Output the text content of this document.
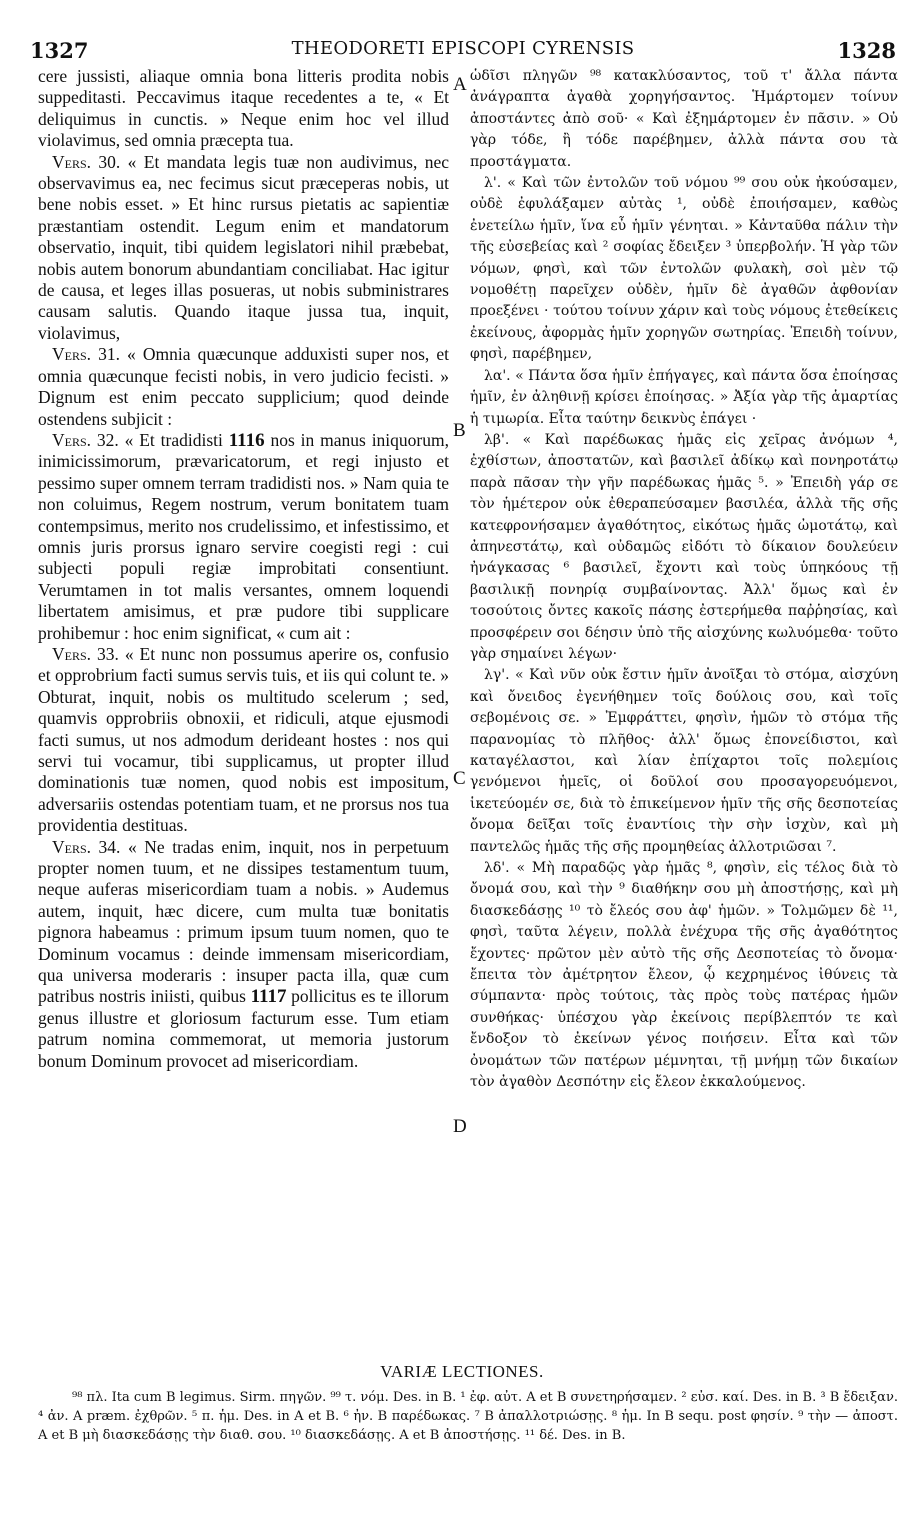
1327	THEODORETI EPISCOPI CYRENSIS	1328

cere jussisti, aliaque omnia bona litteris prodita nobis suppeditasti. Peccavimus itaque recedentes a te, « Et deliquimus in cunctis. » Neque enim hoc vel illud violavimus, sed omnia præcepta tua.

Vers. 30. « Et mandata legis tuæ non audivimus, nec observavimus ea, nec fecimus sicut præceperas nobis, ut bene nobis esset. » Et hinc rursus pietatis ac sapientiæ præstantiam ostendit. Legum enim et mandatorum observatio, inquit, tibi quidem legislatori nihil præbebat, nobis autem bonorum abundantiam conciliabat. Hac igitur de causa, et leges illas posueras, ut nobis subministrares causam salutis. Quando itaque jussa tua, inquit, violavimus,

Vers. 31. « Omnia quæcunque adduxisti super nos, et omnia quæcunque fecisti nobis, in vero judicio fecisti. » Dignum est enim peccato supplicium; quod deinde ostendens subjicit :

Vers. 32. « Et tradidisti 1116 nos in manus iniquorum, inimicissimorum, prævaricatorum, et regi injusto et pessimo super omnem terram tradidisti nos. » Nam quia te non coluimus, Regem nostrum, verum bonitatem tuam contempsimus, merito nos crudelissimo, et infestissimo, et omnis juris prorsus ignaro servire coegisti regi : cui subjecti populi regiæ improbitati consentiunt. Verumtamen in tot malis versantes, omnem loquendi libertatem amisimus, et præ pudore tibi supplicare prohibemur : hoc enim significat, « cum ait :

Vers. 33. « Et nunc non possumus aperire os, confusio et opprobrium facti sumus servis tuis, et iis qui colunt te. » Obturat, inquit, nobis os multitudo scelerum ; sed, quamvis opprobriis obnoxii, et ridiculi, atque ejusmodi facti sumus, ut nos admodum derideant hostes : nos qui servi tui vocamur, tibi supplicamus, ut propter illud dominationis tuæ nomen, quod nobis est impositum, adversariis ostendas potentiam tuam, et ne prorsus nos tua providentia destituas.

Vers. 34. « Ne tradas enim, inquit, nos in perpetuum propter nomen tuum, et ne dissipes testamentum tuum, neque auferas misericordiam tuam a nobis. » Audemus autem, inquit, hæc dicere, cum multa tuæ bonitatis pignora habeamus : primum ipsum tuum nomen, quo te Dominum vocamus : deinde immensam misericordiam, qua universa moderaris : insuper pacta illa, quæ cum patribus nostris iniisti, quibus 1117 pollicitus es te illorum genus illustre et gloriosum facturum esse. Tum etiam patrum nomina commemorat, ut memoria justorum bonum Dominum provocet ad misericordiam.

A
B
C
D

ὡδῖσι πληγῶν ⁹⁸ κατακλύσαντος, τοῦ τ' ἄλλα πάντα ἀνάγραπτα ἀγαθὰ χορηγήσαντος. Ἡμάρτομεν τοίνυν ἀποστάντες ἀπὸ σοῦ· « Καὶ ἐξημάρτομεν ἐν πᾶσιν. » Οὐ γὰρ τόδε, ἢ τόδε παρέβημεν, ἀλλὰ πάντα σου τὰ προστάγματα.

λ'. « Καὶ τῶν ἐντολῶν τοῦ νόμου ⁹⁹ σου οὐκ ἠκούσαμεν, οὐδὲ ἐφυλάξαμεν αὐτὰς ¹, οὐδὲ ἐποιήσαμεν, καθὼς ἐνετείλω ἡμῖν, ἵνα εὖ ἡμῖν γένηται. » Κἀνταῦθα πάλιν τὴν τῆς εὐσεβείας καὶ ² σοφίας ἔδειξεν ³ ὑπερβολήν. Ἡ γὰρ τῶν νόμων, φησὶ, καὶ τῶν ἐντολῶν φυλακὴ, σοὶ μὲν τῷ νομοθέτῃ παρεῖχεν οὐδὲν, ἡμῖν δὲ ἀγαθῶν ἀφθονίαν προεξένει · τούτου τοίνυν χάριν καὶ τοὺς νόμους ἐτεθείκεις ἐκείνους, ἀφορμὰς ἡμῖν χορηγῶν σωτηρίας. Ἐπειδὴ τοίνυν, φησὶ, παρέβημεν,

λα'. « Πάντα ὅσα ἡμῖν ἐπήγαγες, καὶ πάντα ὅσα ἐποίησας ἡμῖν, ἐν ἀληθινῇ κρίσει ἐποίησας. » Ἀξία γὰρ τῆς ἁμαρτίας ἡ τιμωρία. Εἶτα ταύτην δεικνὺς ἐπάγει ·

λβ'. « Καὶ παρέδωκας ἡμᾶς εἰς χεῖρας ἀνόμων ⁴, ἐχθίστων, ἀποστατῶν, καὶ βασιλεῖ ἀδίκῳ καὶ πονηροτάτῳ παρὰ πᾶσαν τὴν γῆν παρέδωκας ἡμᾶς ⁵. » Ἐπειδὴ γάρ σε τὸν ἡμέτερον οὐκ ἐθεραπεύσαμεν βασιλέα, ἀλλὰ τῆς σῆς κατεφρονήσαμεν ἀγαθότητος, εἰκότως ἡμᾶς ὠμοτάτῳ, καὶ ἀπηνεστάτῳ, καὶ οὐδαμῶς εἰδότι τὸ δίκαιον δουλεύειν ἠνάγκασας ⁶ βασιλεῖ, ἔχοντι καὶ τοὺς ὑπηκόους τῇ βασιλικῇ πονηρίᾳ συμβαίνοντας. Ἀλλ' ὅμως καὶ ἐν τοσούτοις ὄντες κακοῖς πάσης ἐστερήμεθα παῤῥησίας, καὶ προσφέρειν σοι δέησιν ὑπὸ τῆς αἰσχύνης κωλυόμεθα· τοῦτο γὰρ σημαίνει λέγων·

λγ'. « Καὶ νῦν οὐκ ἔστιν ἡμῖν ἀνοῖξαι τὸ στόμα, αἰσχύνη καὶ ὄνειδος ἐγενήθημεν τοῖς δούλοις σου, καὶ τοῖς σεβομένοις σε. » Ἐμφράττει, φησὶν, ἡμῶν τὸ στόμα τῆς παρανομίας τὸ πλῆθος· ἀλλ' ὅμως ἐπονείδιστοι, καὶ καταγέλαστοι, καὶ λίαν ἐπίχαρτοι τοῖς πολεμίοις γενόμενοι ἡμεῖς, οἱ δοῦλοί σου προσαγορευόμενοι, ἱκετεύομέν σε, διὰ τὸ ἐπικείμενον ἡμῖν τῆς σῆς δεσποτείας ὄνομα δεῖξαι τοῖς ἐναντίοις τὴν σὴν ἰσχὺν, καὶ μὴ παντελῶς ἡμᾶς τῆς σῆς προμηθείας ἀλλοτριῶσαι ⁷.

λδ'. « Μὴ παραδῷς γὰρ ἡμᾶς ⁸, φησὶν, εἰς τέλος διὰ τὸ ὄνομά σου, καὶ τὴν ⁹ διαθήκην σου μὴ ἀποστήσῃς, καὶ μὴ διασκεδάσῃς ¹⁰ τὸ ἔλεός σου ἀφ' ἡμῶν. » Τολμῶμεν δὲ ¹¹, φησὶ, ταῦτα λέγειν, πολλὰ ἐνέχυρα τῆς σῆς ἀγαθότητος ἔχοντες· πρῶτον μὲν αὐτὸ τῆς σῆς Δεσποτείας τὸ ὄνομα· ἔπειτα τὸν ἀμέτρητον ἔλεον, ᾧ κεχρημένος ἰθύνεις τὰ σύμπαντα· πρὸς τούτοις, τὰς πρὸς τοὺς πατέρας ἡμῶν συνθήκας· ὑπέσχου γὰρ ἐκείνοις περίβλεπτόν τε καὶ ἔνδοξον τὸ ἐκείνων γένος ποιήσειν. Εἶτα καὶ τῶν ὀνομάτων τῶν πατέρων μέμνηται, τῇ μνήμῃ τῶν δικαίων τὸν ἀγαθὸν Δεσπότην εἰς ἔλεον ἐκκαλούμενος.

VARIÆ LECTIONES.
⁹⁸ πλ. Ita cum B legimus. Sirm. πηγῶν. ⁹⁹ τ. νόμ. Des. in B. ¹ ἐφ. αὐτ. A et B συνετηρήσαμεν. ² εὐσ. καί. Des. in B. ³ B ἔδειξαν. ⁴ ἀν. A præm. ἐχθρῶν. ⁵ π. ἡμ. Des. in A et B. ⁶ ἠν. B παρέδωκας. ⁷ B ἀπαλλοτριώσῃς. ⁸ ἡμ. In B sequ. post φησίν. ⁹ τὴν — ἀποστ. A et B μὴ διασκεδάσῃς τὴν διαθ. σου. ¹⁰ διασκεδάσῃς. A et B ἀποστήσῃς. ¹¹ δέ. Des. in B.
